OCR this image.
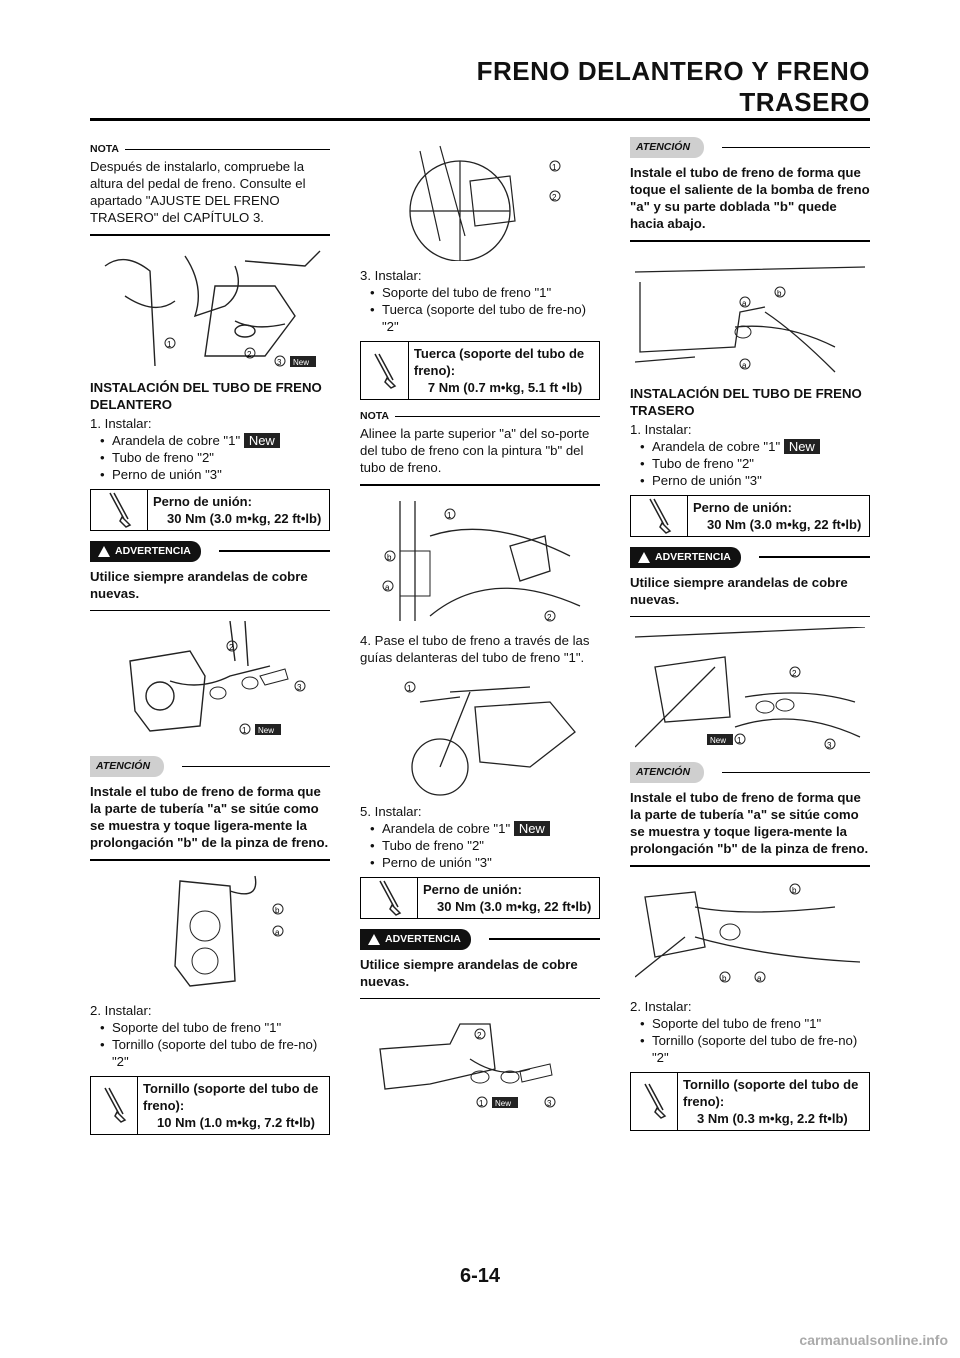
FRENO DELANTERO Y FRENO TRASERO
NOTA
Después de instalarlo, compruebe la altura del pedal de freno. Consulte el apartado "AJUSTE DEL FRENO TRASERO" del CAPÍTULO 3.
1
2
3 New
INSTALACIÓN DEL TUBO DE FRENO DELANTERO

1. Instalar:

• Arandela de cobre "1" New
• Tubo de freno "2"
• Perno de unión "3"
Perno de unión:
30 Nm (3.0 m•kg, 22 ft•lb)
ADVERTENCIA
Utilice siempre arandelas de cobre nuevas.
2
3
1 New
ATENCIÓN
Instale el tubo de freno de forma que la parte de tubería "a" se sitúe como se muestra y toque ligera-mente la prolongación "b" de la pinza de freno.
b
a

2. Instalar:

• Soporte del tubo de freno "1"
• Tornillo (soporte del tubo de fre-no) "2"
Tornillo (soporte del tubo de freno):
10 Nm (1.0 m•kg, 7.2 ft•lb)
1
2

3. Instalar:

• Soporte del tubo de freno "1"
• Tuerca (soporte del tubo de fre-no) "2"
Tuerca (soporte del tubo de freno):
7 Nm (0.7 m•kg, 5.1 ft •lb)
NOTA
Alinee la parte superior "a" del so-porte del tubo de freno con la pintura "b" del tubo de freno.
1
b
a
2

4. Pase el tubo de freno a través de las guías delanteras del tubo de freno "1".

1

5. Instalar:

• Arandela de cobre "1" New
• Tubo de freno "2"
• Perno de unión "3"
Perno de unión:
30 Nm (3.0 m•kg, 22 ft•lb)
ADVERTENCIA
Utilice siempre arandelas de cobre nuevas.
2
1 New	3
ATENCIÓN
Instale el tubo de freno de forma que toque el saliente de la bomba de freno "a" y su parte doblada "b" quede hacia abajo.
a
b
a
INSTALACIÓN DEL TUBO DE FRENO TRASERO

1. Instalar:

• Arandela de cobre "1" New
• Tubo de freno "2"
• Perno de unión "3"
Perno de unión:
30 Nm (3.0 m•kg, 22 ft•lb)
ADVERTENCIA
Utilice siempre arandelas de cobre nuevas.
2
1
New
3
ATENCIÓN
Instale el tubo de freno de forma que la parte de tubería "a" se sitúe como se muestra y toque ligera-mente la prolongación "b" de la pinza de freno.
b
b	a

2. Instalar:

• Soporte del tubo de freno "1"
• Tornillo (soporte del tubo de fre-no) "2"
Tornillo (soporte del tubo de freno):
3 Nm (0.3 m•kg, 2.2 ft•lb)
6-14
carmanualsonline.info
